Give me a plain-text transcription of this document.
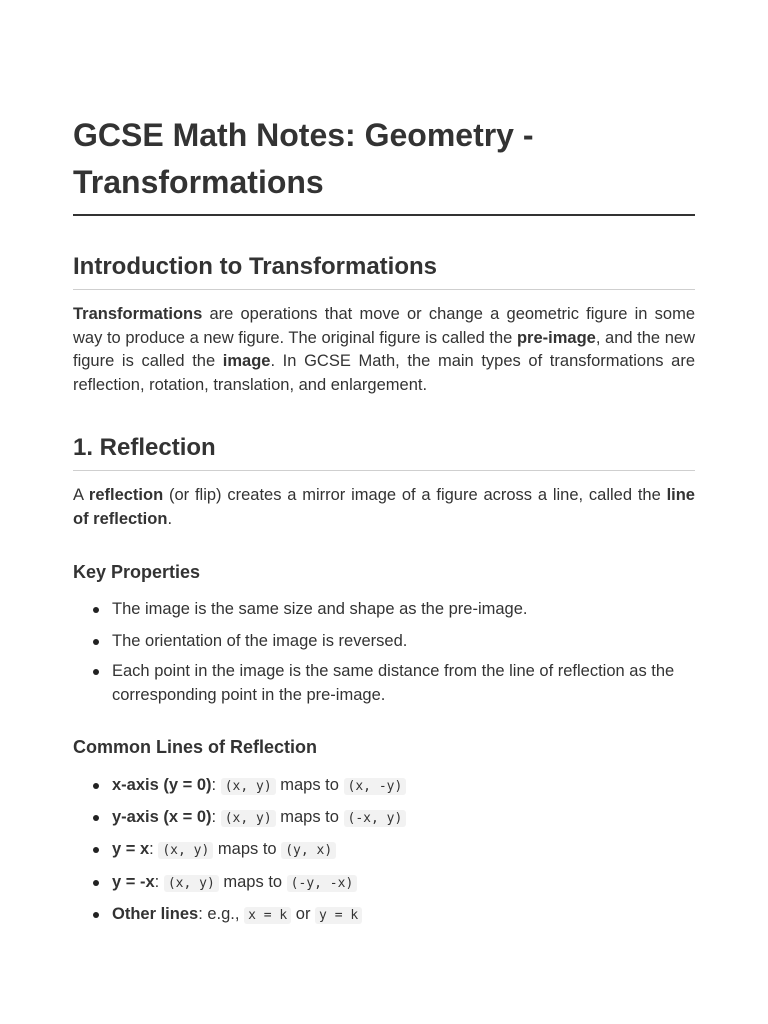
GCSE Math Notes: Geometry - Transformations
Introduction to Transformations

Transformations are operations that move or change a geometric figure in some way to produce a new figure. The original figure is called the pre-image, and the new figure is called the image. In GCSE Math, the main types of transformations are reflection, rotation, translation, and enlargement.

1. Reflection

A reflection (or flip) creates a mirror image of a figure across a line, called the line of reflection.

Key Properties
The image is the same size and shape as the pre-image.
The orientation of the image is reversed.
Each point in the image is the same distance from the line of reflection as the corresponding point in the pre-image.
Common Lines of Reflection
x-axis (y = 0): (x, y) maps to (x, -y)
y-axis (x = 0): (x, y) maps to (-x, y)
y = x: (x, y) maps to (y, x)
y = -x: (x, y) maps to (-y, -x)
Other lines: e.g., x = k or y = k
